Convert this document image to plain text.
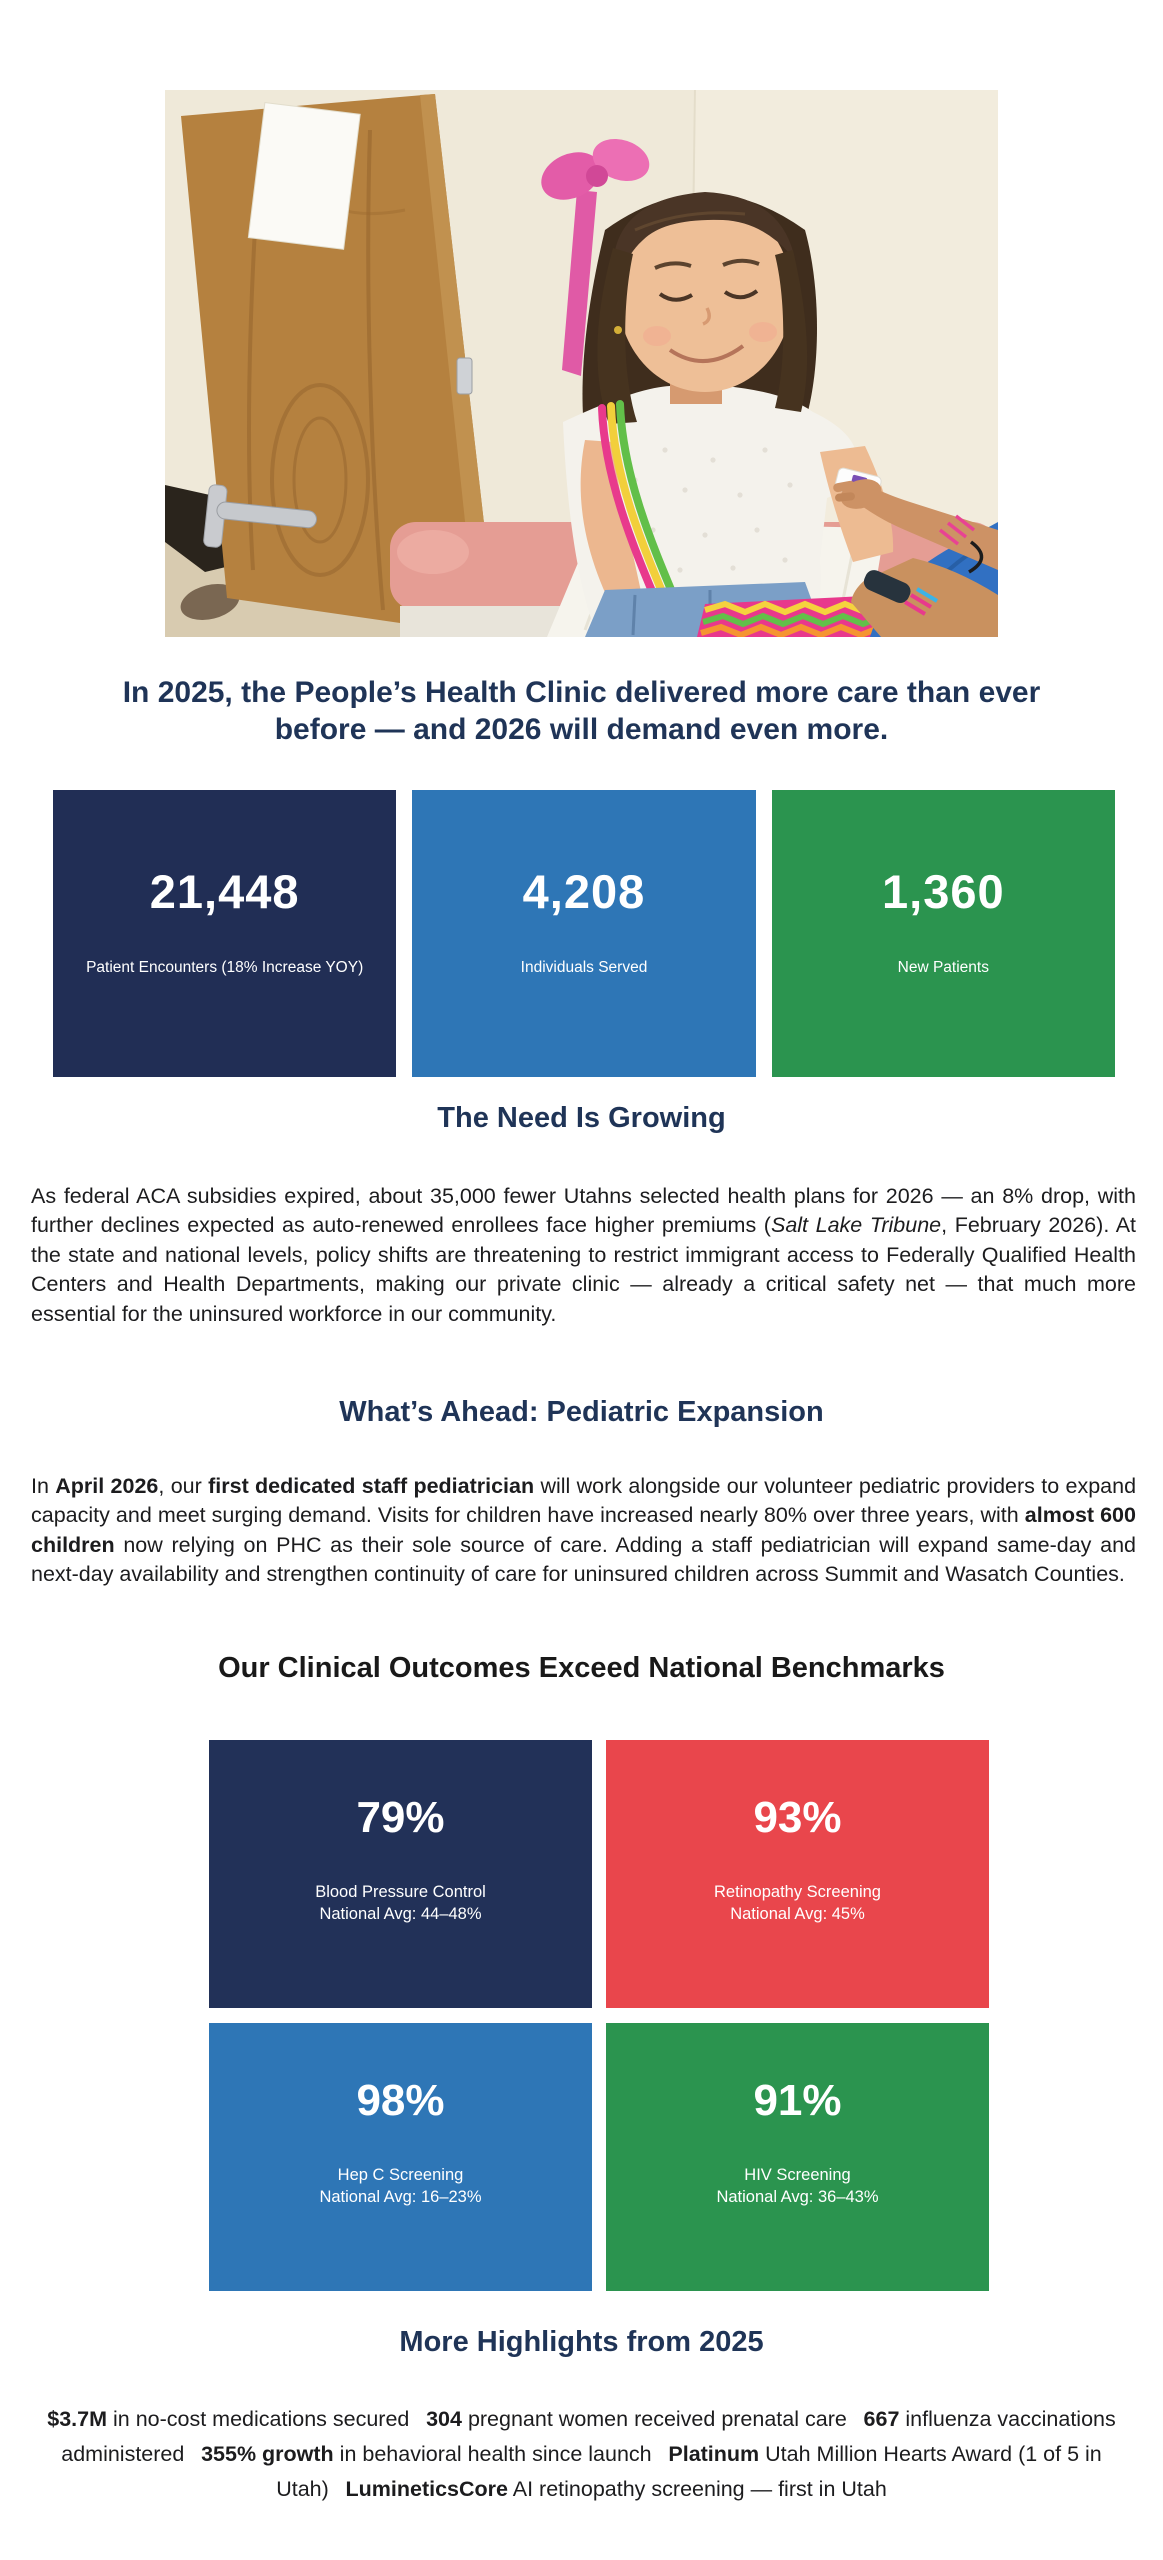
In 2025, the People’s Health Clinic delivered more care than ever
before — and 2026 will demand even more.
21,448
Patient Encounters (18% Increase YOY)
4,208
Individuals Served
1,360
New Patients
The Need Is Growing

As federal ACA subsidies expired, about 35,000 fewer Utahns selected health plans for 2026 — an 8% drop, with further declines expected as auto-renewed enrollees face higher premiums (Salt Lake Tribune, February 2026). At the state and national levels, policy shifts are threatening to restrict immigrant access to Federally Qualified Health Centers and Health Departments, making our private clinic — already a critical safety net — that much more essential for the uninsured workforce in our community.

What’s Ahead: Pediatric Expansion

In April 2026, our first dedicated staff pediatrician will work alongside our volunteer pediatric providers to expand capacity and meet surging demand. Visits for children have increased nearly 80% over three years, with almost 600 children now relying on PHC as their sole source of care. Adding a staff pediatrician will expand same-day and next-day availability and strengthen continuity of care for uninsured children across Summit and Wasatch Counties.

Our Clinical Outcomes Exceed National Benchmarks
79%
Blood Pressure Control
National Avg: 44–48%
93%
Retinopathy Screening
National Avg: 45%
98%
Hep C Screening
National Avg: 16–23%
91%
HIV Screening
National Avg: 36–43%
More Highlights from 2025

$3.7M in no-cost medications secured  304 pregnant women received prenatal care  667 influenza vaccinations administered  355% growth in behavioral health since launch  Platinum Utah Million Hearts Award (1 of 5 in Utah)  LumineticsCore AI retinopathy screening — first in Utah
